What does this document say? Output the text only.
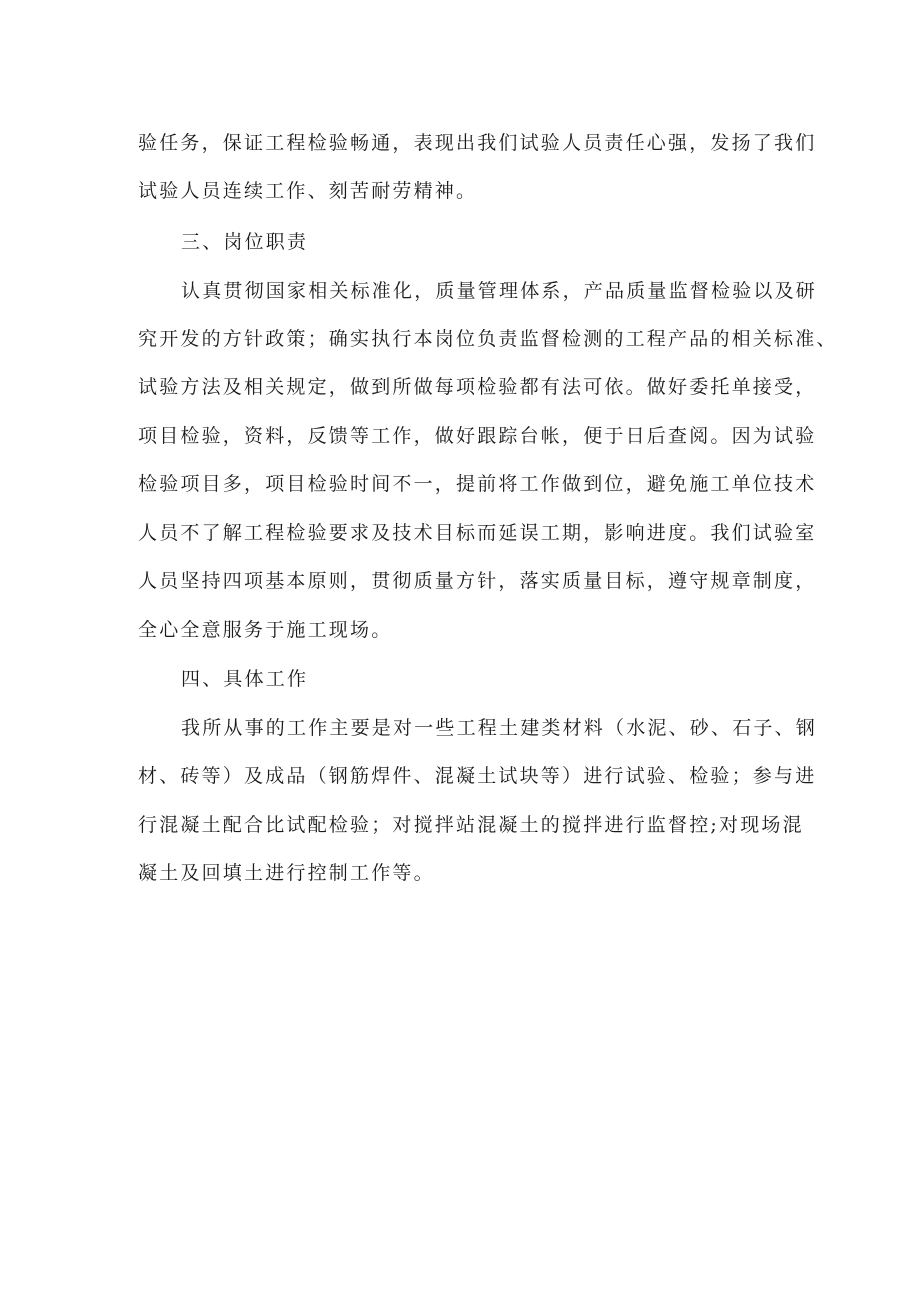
验任务，保证工程检验畅通，表现出我们试验人员责任心强，发扬了我们
试验人员连续工作、刻苦耐劳精神。
三、岗位职责
认真贯彻国家相关标准化，质量管理体系，产品质量监督检验以及研
究开发的方针政策；确实执行本岗位负责监督检测的工程产品的相关标准、
试验方法及相关规定，做到所做每项检验都有法可依。做好委托单接受，
项目检验，资料，反馈等工作，做好跟踪台帐，便于日后查阅。因为试验
检验项目多，项目检验时间不一，提前将工作做到位，避免施工单位技术
人员不了解工程检验要求及技术目标而延误工期，影响进度。我们试验室
人员坚持四项基本原则，贯彻质量方针，落实质量目标，遵守规章制度，
全心全意服务于施工现场。
四、具体工作
我所从事的工作主要是对一些工程土建类材料（水泥、砂、石子、钢
材、砖等）及成品（钢筋焊件、混凝土试块等）进行试验、检验；参与进
行混凝土配合比试配检验；对搅拌站混凝土的搅拌进行监督控;对现场混
凝土及回填土进行控制工作等。
